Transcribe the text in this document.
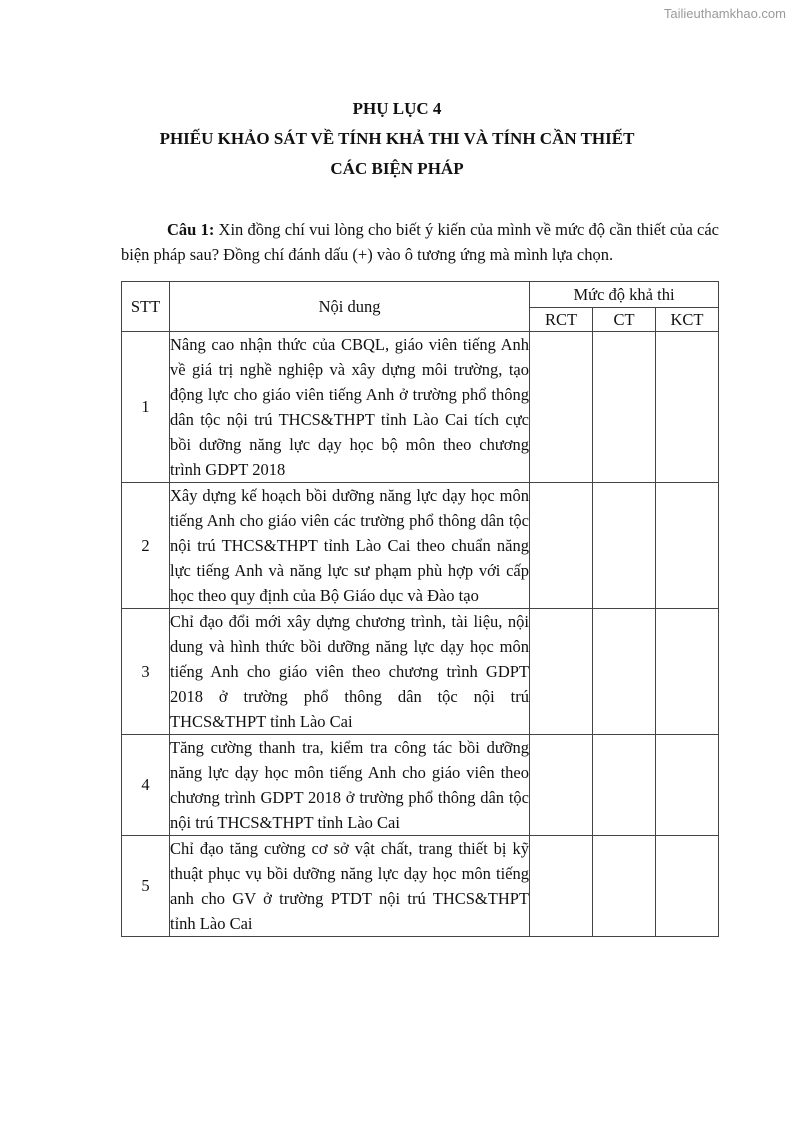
Tailieuthamkhao.com
PHỤ LỤC 4
PHIẾU KHẢO SÁT VỀ TÍNH KHẢ THI VÀ TÍNH CẦN THIẾT
CÁC BIỆN PHÁP
Câu 1: Xin đồng chí vui lòng cho biết ý kiến của mình về mức độ cần thiết của các biện pháp sau? Đồng chí đánh dấu (+) vào ô tương ứng mà mình lựa chọn.
STT	Nội dung	Mức độ khả thi		
		RCT	CT	KCT
1	Nâng cao nhận thức của CBQL, giáo viên tiếng Anh về giá trị nghề nghiệp và xây dựng môi trường, tạo động lực cho giáo viên tiếng Anh ở trường phổ thông dân tộc nội trú THCS&THPT tỉnh Lào Cai tích cực bồi dưỡng năng lực dạy học bộ môn theo chương trình GDPT 2018			
2	Xây dựng kế hoạch bồi dưỡng năng lực dạy học môn tiếng Anh cho giáo viên các trường phổ thông dân tộc nội trú THCS&THPT tỉnh Lào Cai theo chuẩn năng lực tiếng Anh và năng lực sư phạm phù hợp với cấp học theo quy định của Bộ Giáo dục và Đào tạo			
3	Chỉ đạo đổi mới xây dựng chương trình, tài liệu, nội dung và hình thức bồi dưỡng năng lực dạy học môn tiếng Anh cho giáo viên theo chương trình GDPT 2018 ở trường phổ thông dân tộc nội trú THCS&THPT tỉnh Lào Cai			
4	Tăng cường thanh tra, kiểm tra công tác bồi dưỡng năng lực dạy học môn tiếng Anh cho giáo viên theo chương trình GDPT 2018 ở trường phổ thông dân tộc nội trú THCS&THPT tỉnh Lào Cai			
5	Chỉ đạo tăng cường cơ sở vật chất, trang thiết bị kỹ thuật phục vụ bồi dưỡng năng lực dạy học môn tiếng anh cho GV ở trường PTDT nội trú THCS&THPT tỉnh Lào Cai			
